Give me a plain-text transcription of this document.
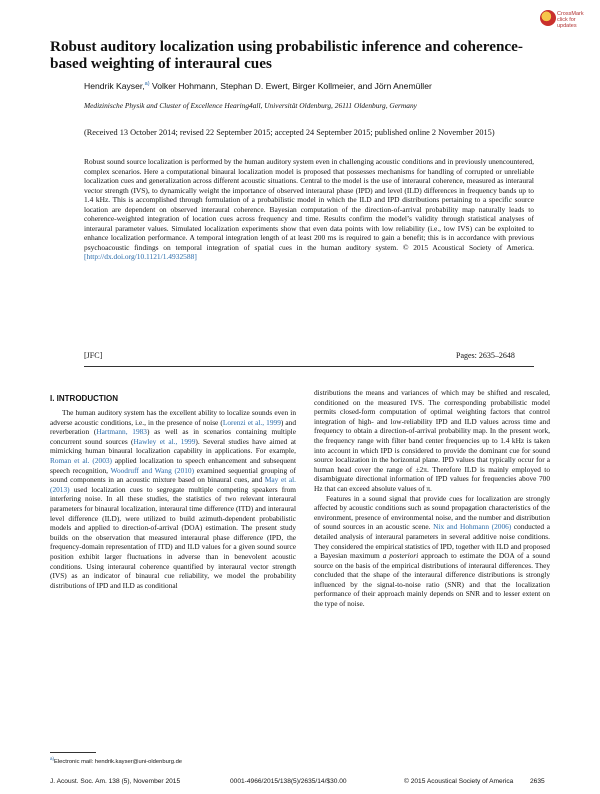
CrossMark
click for updates
Robust auditory localization using probabilistic inference and coherence-based weighting of interaural cues
Hendrik Kayser,$^{a)}$ Volker Hohmann, Stephan D. Ewert, Birger Kollmeier, and Jörn Anemüller
Medizinische Physik and Cluster of Excellence Hearing4all, Universität Oldenburg, 26111 Oldenburg, Germany
(Received 13 October 2014; revised 22 September 2015; accepted 24 September 2015; published online 2 November 2015)
Robust sound source localization is performed by the human auditory system even in challenging acoustic conditions and in previously unencountered, complex scenarios. Here a computational binaural localization model is proposed that possesses mechanisms for handling of corrupted or unreliable localization cues and generalization across different acoustic situations. Central to the model is the use of interaural coherence, measured as interaural vector strength (IVS), to dynamically weight the importance of observed interaural phase (IPD) and level (ILD) differences in frequency bands up to 1.4 kHz. This is accomplished through formulation of a probabilistic model in which the ILD and IPD distributions pertaining to a specific source location are dependent on observed interaural coherence. Bayesian computation of the direction-of-arrival probability map naturally leads to coherence-weighted integration of location cues across frequency and time. Results confirm the model’s validity through statistical analyses of interaural parameter values. Simulated localization experiments show that even data points with low reliability (i.e., low IVS) can be exploited to enhance localization performance. A temporal integration length of at least 200 ms is required to gain a benefit; this is in accordance with previous psychoacoustic findings on temporal integration of spatial cues in the human auditory system. © 2015 Acoustical Society of America. [http://dx.doi.org/10.1121/1.4932588]
[JFC]	Pages: 2635–2648
I. INTRODUCTION

The human auditory system has the excellent ability to localize sounds even in adverse acoustic conditions, i.e., in the presence of noise (Lorenzi et al., 1999) and reverberation (Hartmann, 1983) as well as in scenarios containing multiple concurrent sound sources (Hawley et al., 1999). Several studies have aimed at mimicking human binaural localization capability in applications. For example, Roman et al. (2003) applied localization to speech enhancement and subsequent speech recognition, Woodruff and Wang (2010) examined sequential grouping of sound components in an acoustic mixture based on binaural cues, and May et al. (2013) used localization cues to segregate multiple competing speakers from interfering noise. In all these studies, the statistics of two relevant interaural parameters for binaural localization, interaural time difference (ITD) and interaural level difference (ILD), were utilized to build azimuth-dependent probabilistic models and applied to direction-of-arrival (DOA) estimation. The present study builds on the observation that measured interaural phase difference (IPD, the frequency-domain representation of ITD) and ILD values for a given sound source position exhibit larger fluctuations in adverse than in benevolent acoustic conditions. Using interaural coherence quantified by interaural vector strength (IVS) as an indicator of binaural cue reliability, we model the probability distributions of IPD and ILD as conditional

distributions the means and variances of which may be shifted and rescaled, conditioned on the measured IVS. The corresponding probabilistic model permits closed-form computation of optimal weighting factors that control integration of high- and low-reliability IPD and ILD values across time and frequency to obtain a direction-of-arrival probability map. In the present work, the frequency range with filter band center frequencies up to 1.4 kHz is taken into account in which IPD is considered to provide the dominant cue for sound source localization in the horizontal plane. IPD values that typically occur for a human head cover the range of ±2π. Therefore ILD is mainly employed to disambiguate directional information of IPD values for frequencies above 700 Hz that can exceed absolute values of π.

Features in a sound signal that provide cues for localization are strongly affected by acoustic conditions such as sound propagation characteristics of the environment, presence of environmental noise, and the number and distribution of sound sources in an acoustic scene. Nix and Hohmann (2006) conducted a detailed analysis of interaural parameters in several additive noise conditions. They considered the empirical statistics of IPD, together with ILD and proposed a Bayesian maximum a posteriori approach to estimate the DOA of a sound source on the basis of the empirical distributions of interaural differences. They concluded that the shape of the interaural difference distributions is strongly influenced by the signal-to-noise ratio (SNR) and that the localization performance of their approach mainly depends on SNR and to lesser extent on the type of noise.

$^{a)}$Electronic mail: hendrik.kayser@uni-oldenburg.de
J. Acoust. Soc. Am. 138 (5), November 2015	0001-4966/2015/138(5)/2635/14/$30.00	© 2015 Acoustical Society of America	2635
